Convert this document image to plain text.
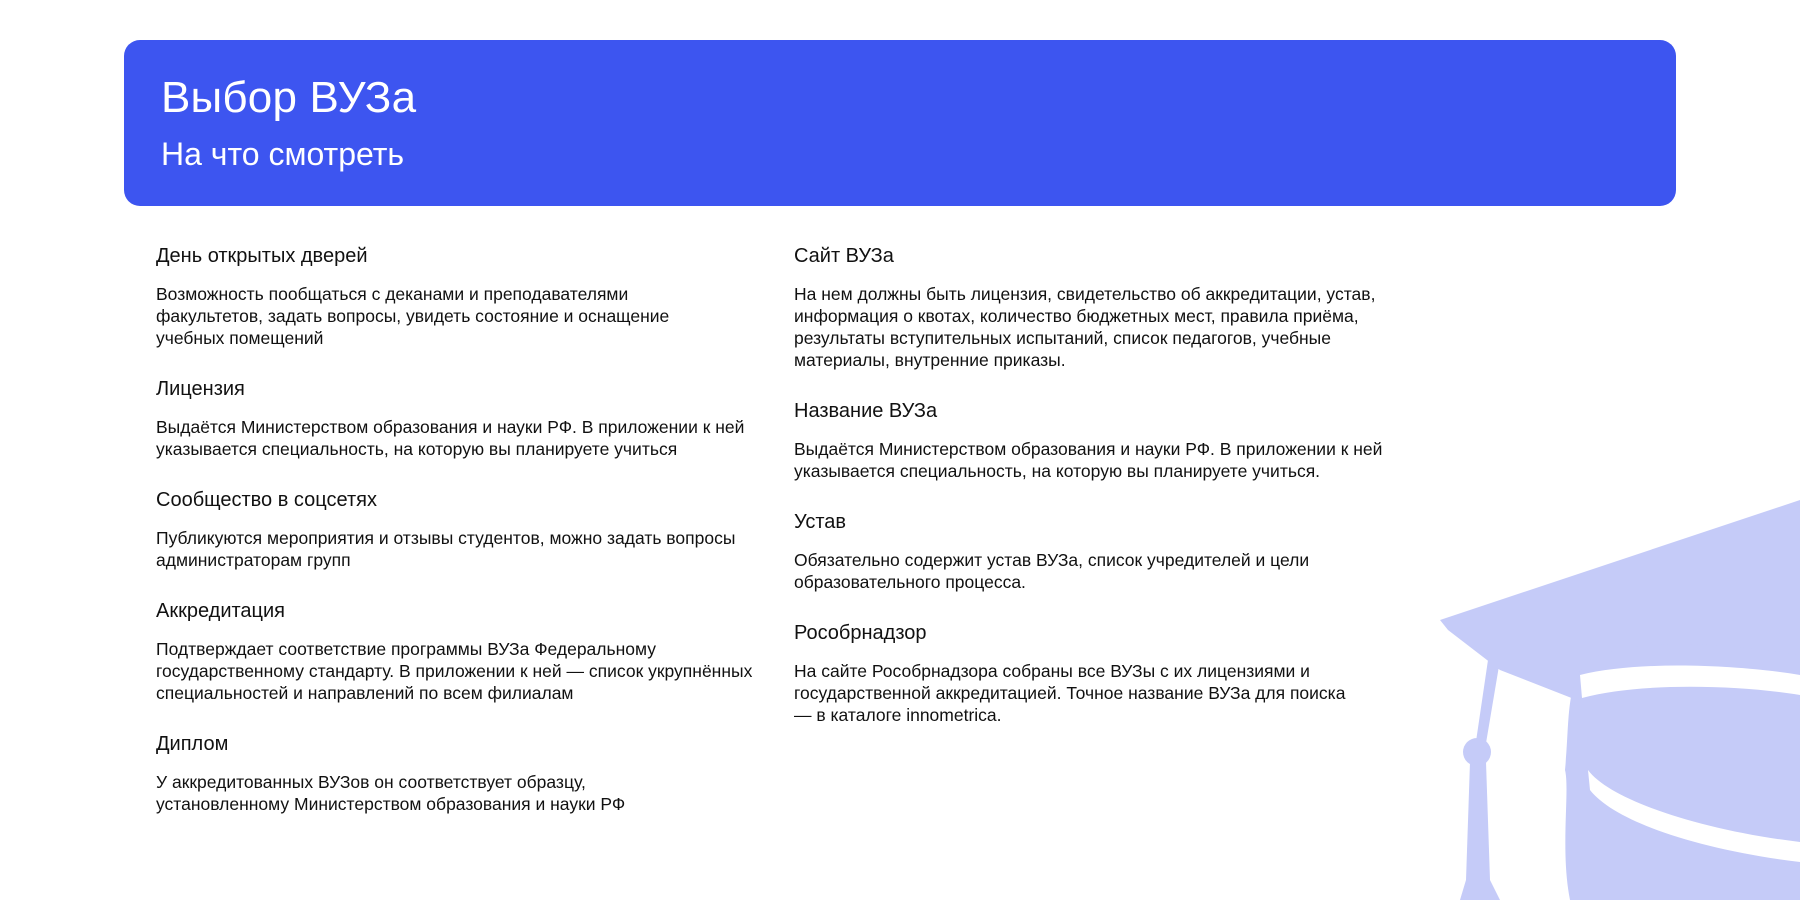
Выбор ВУЗа
На что смотреть
День открытых дверей

Возможность пообщаться с деканами и преподавателями факультетов, задать вопросы, увидеть состояние и оснащение учебных помещений

Лицензия

Выдаётся Министерством образования и науки РФ. В приложении к ней указывается специальность, на которую вы планируете учиться

Сообщество в соцсетях

Публикуются мероприятия и отзывы студентов, можно задать вопросы администраторам групп

Аккредитация

Подтверждает соответствие программы ВУЗа Федеральному государственному стандарту. В приложении к ней — список укрупнённых специальностей и направлений по всем филиалам

Диплом

У аккредитованных ВУЗов он соответствует образцу, установленному Министерством образования и науки РФ

Сайт ВУЗа

На нем должны быть лицензия, свидетельство об аккредитации, устав, информация о квотах, количество бюджетных мест, правила приёма, результаты вступительных испытаний, список педагогов, учебные материалы, внутренние приказы.

Название ВУЗа

Выдаётся Министерством образования и науки РФ. В приложении к ней указывается специальность, на которую вы планируете учиться.

Устав

Обязательно содержит устав ВУЗа, список учредителей и цели образовательного процесса.

Рособрнадзор

На сайте Рособрнадзора собраны все ВУЗы с их лицензиями и государственной аккредитацией. Точное название ВУЗа для поиска — в каталоге innometrica.
